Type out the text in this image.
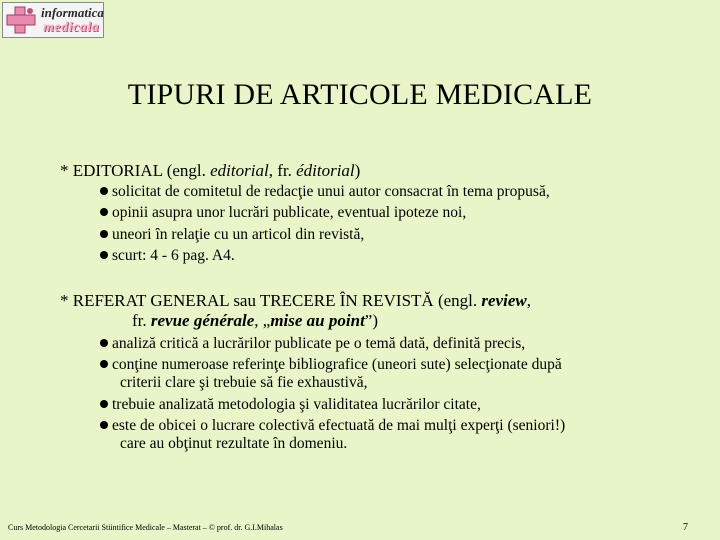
informatica
medicala
TIPURI DE ARTICOLE MEDICALE
* EDITORIAL (engl. editorial, fr. éditorial)
solicitat de comitetul de redacţie unui autor consacrat în tema propusă,
opinii asupra unor lucrări publicate, eventual ipoteze noi,
uneori în relaţie cu un articol din revistă,
scurt: 4 - 6 pag. A4.
* REFERAT GENERAL sau TRECERE ÎN REVISTĂ (engl. review,
fr. revue générale, „mise au point”)
analiză critică a lucrărilor publicate pe o temă dată, definită precis,
conţine numeroase referinţe bibliografice (uneori sute) selecţionate după
criterii clare şi trebuie să fie exhaustivă,
trebuie analizată metodologia şi validitatea lucrărilor citate,
este de obicei o lucrare colectivă efectuată de mai mulţi experţi (seniori!)
care au obţinut rezultate în domeniu.
Curs Metodologia Cercetarii Stiintifice Medicale – Masterat – © prof. dr. G.I.Mihalas	7
